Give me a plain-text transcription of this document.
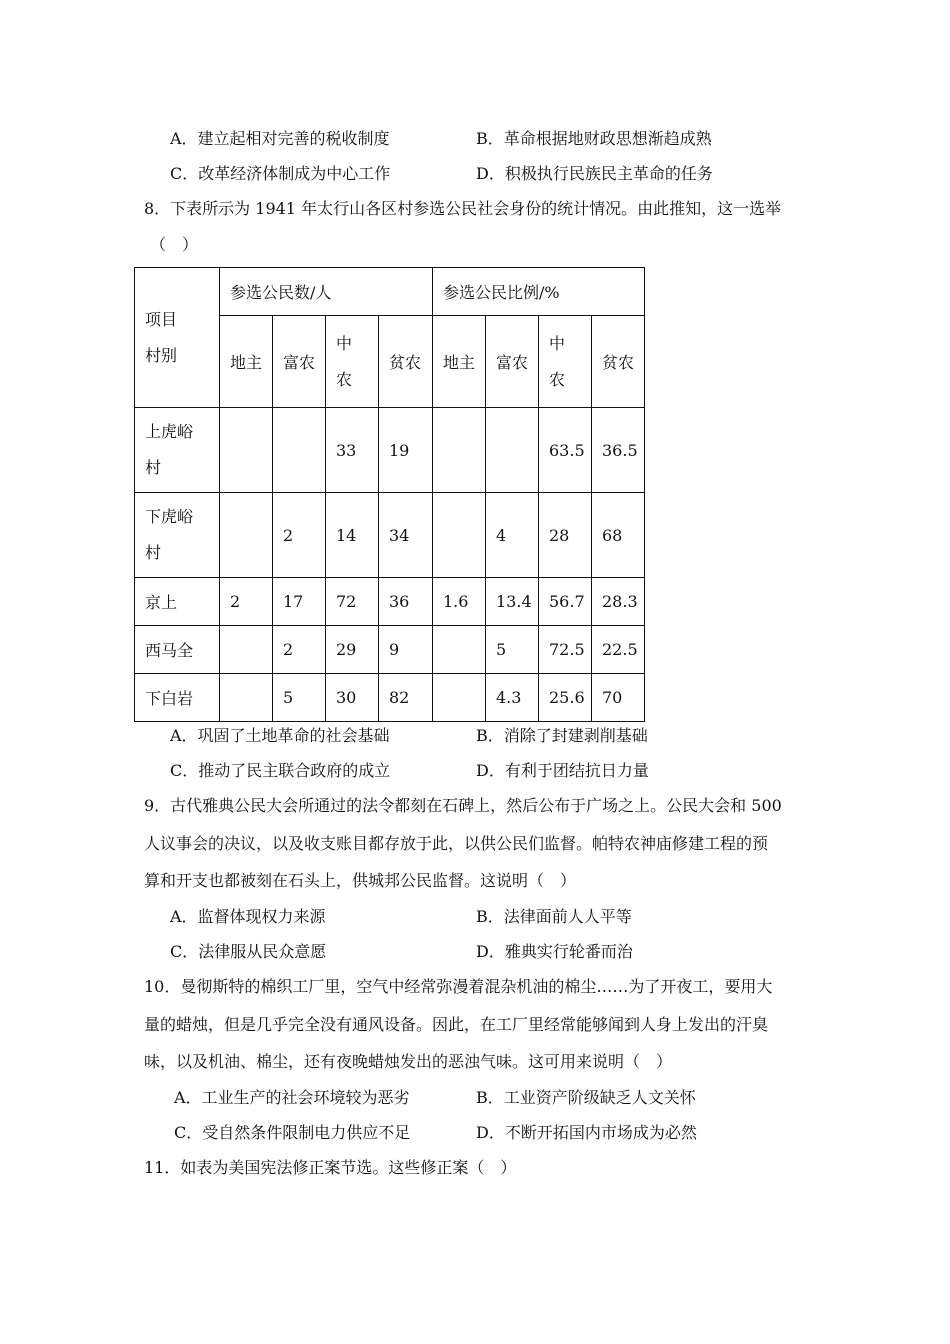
A．建立起相对完善的税收制度	B．革命根据地财政思想渐趋成熟
C．改革经济体制成为中心工作	D．积极执行民族民主革命的任务
8．下表所示为 1941 年太行山各区村参选公民社会身份的统计情况。由此推知，这一选举
（　）
项目
村别	参选公民数/人				参选公民比例/%			
	地主	富农	中
农	贫农	地主	富农	中
农	贫农

上虎峪
村			33	19			63.5	36.5

下虎峪
村		2	14	34		4	28	68
京上	2	17	72	36	1.6	13.4	56.7	28.3
西马全		2	29	9		5	72.5	22.5
下白岩		5	30	82		4.3	25.6	70
A．巩固了土地革命的社会基础	B．消除了封建剥削基础
C．推动了民主联合政府的成立	D．有利于团结抗日力量
9．古代雅典公民大会所通过的法令都刻在石碑上，然后公布于广场之上。公民大会和 500
人议事会的决议，以及收支账目都存放于此，以供公民们监督。帕特农神庙修建工程的预
算和开支也都被刻在石头上，供城邦公民监督。这说明（　）
A．监督体现权力来源	B．法律面前人人平等
C．法律服从民众意愿	D．雅典实行轮番而治
10．曼彻斯特的棉织工厂里，空气中经常弥漫着混杂机油的棉尘……为了开夜工，要用大
量的蜡烛，但是几乎完全没有通风设备。因此，在工厂里经常能够闻到人身上发出的汗臭
味，以及机油、棉尘，还有夜晚蜡烛发出的恶浊气味。这可用来说明（　）
A．工业生产的社会环境较为恶劣	B．工业资产阶级缺乏人文关怀
C．受自然条件限制电力供应不足	D．不断开拓国内市场成为必然
11．如表为美国宪法修正案节选。这些修正案（　）
